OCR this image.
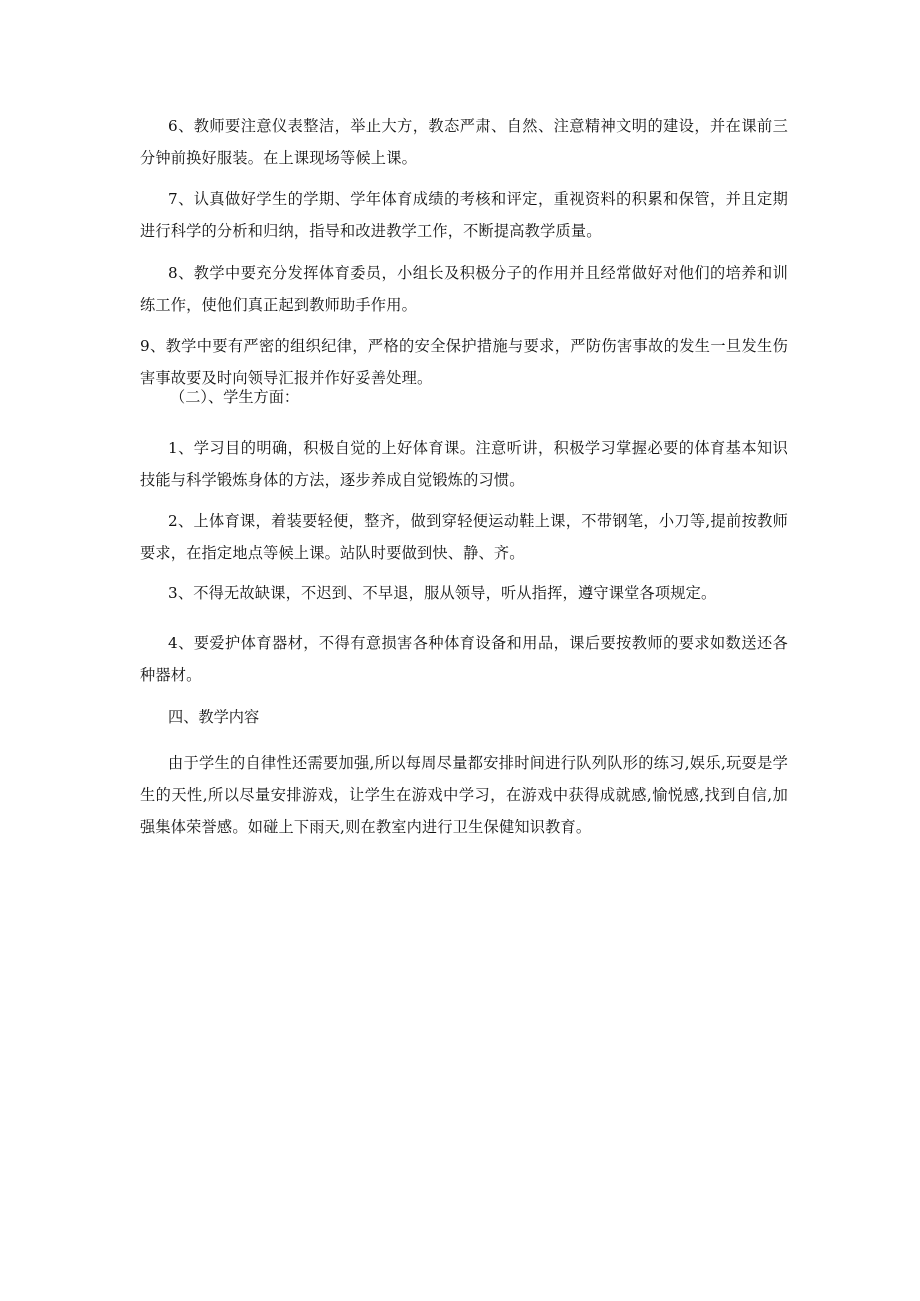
6、教师要注意仪表整洁，举止大方，教态严肃、自然、注意精神文明的建设，并在课前三分钟前换好服装。在上课现场等候上课。

7、认真做好学生的学期、学年体育成绩的考核和评定，重视资料的积累和保管，并且定期进行科学的分析和归纳，指导和改进教学工作，不断提高教学质量。

8、教学中要充分发挥体育委员，小组长及积极分子的作用并且经常做好对他们的培养和训练工作，使他们真正起到教师助手作用。

9、教学中要有严密的组织纪律，严格的安全保护措施与要求，严防伤害事故的发生一旦发生伤害事故要及时向领导汇报并作好妥善处理。

（二）、学生方面：

1、学习目的明确，积极自觉的上好体育课。注意听讲，积极学习掌握必要的体育基本知识技能与科学锻炼身体的方法，逐步养成自觉锻炼的习惯。

2、上体育课，着装要轻便，整齐，做到穿轻便运动鞋上课，不带钢笔，小刀等,提前按教师要求，在指定地点等候上课。站队时要做到快、静、齐。

3、不得无故缺课，不迟到、不早退，服从领导，听从指挥，遵守课堂各项规定。

4、要爱护体育器材，不得有意损害各种体育设备和用品，课后要按教师的要求如数送还各种器材。

四、教学内容

由于学生的自律性还需要加强,所以每周尽量都安排时间进行队列队形的练习,娱乐,玩耍是学生的天性,所以尽量安排游戏，让学生在游戏中学习，在游戏中获得成就感,愉悦感,找到自信,加强集体荣誉感。如碰上下雨天,则在教室内进行卫生保健知识教育。
